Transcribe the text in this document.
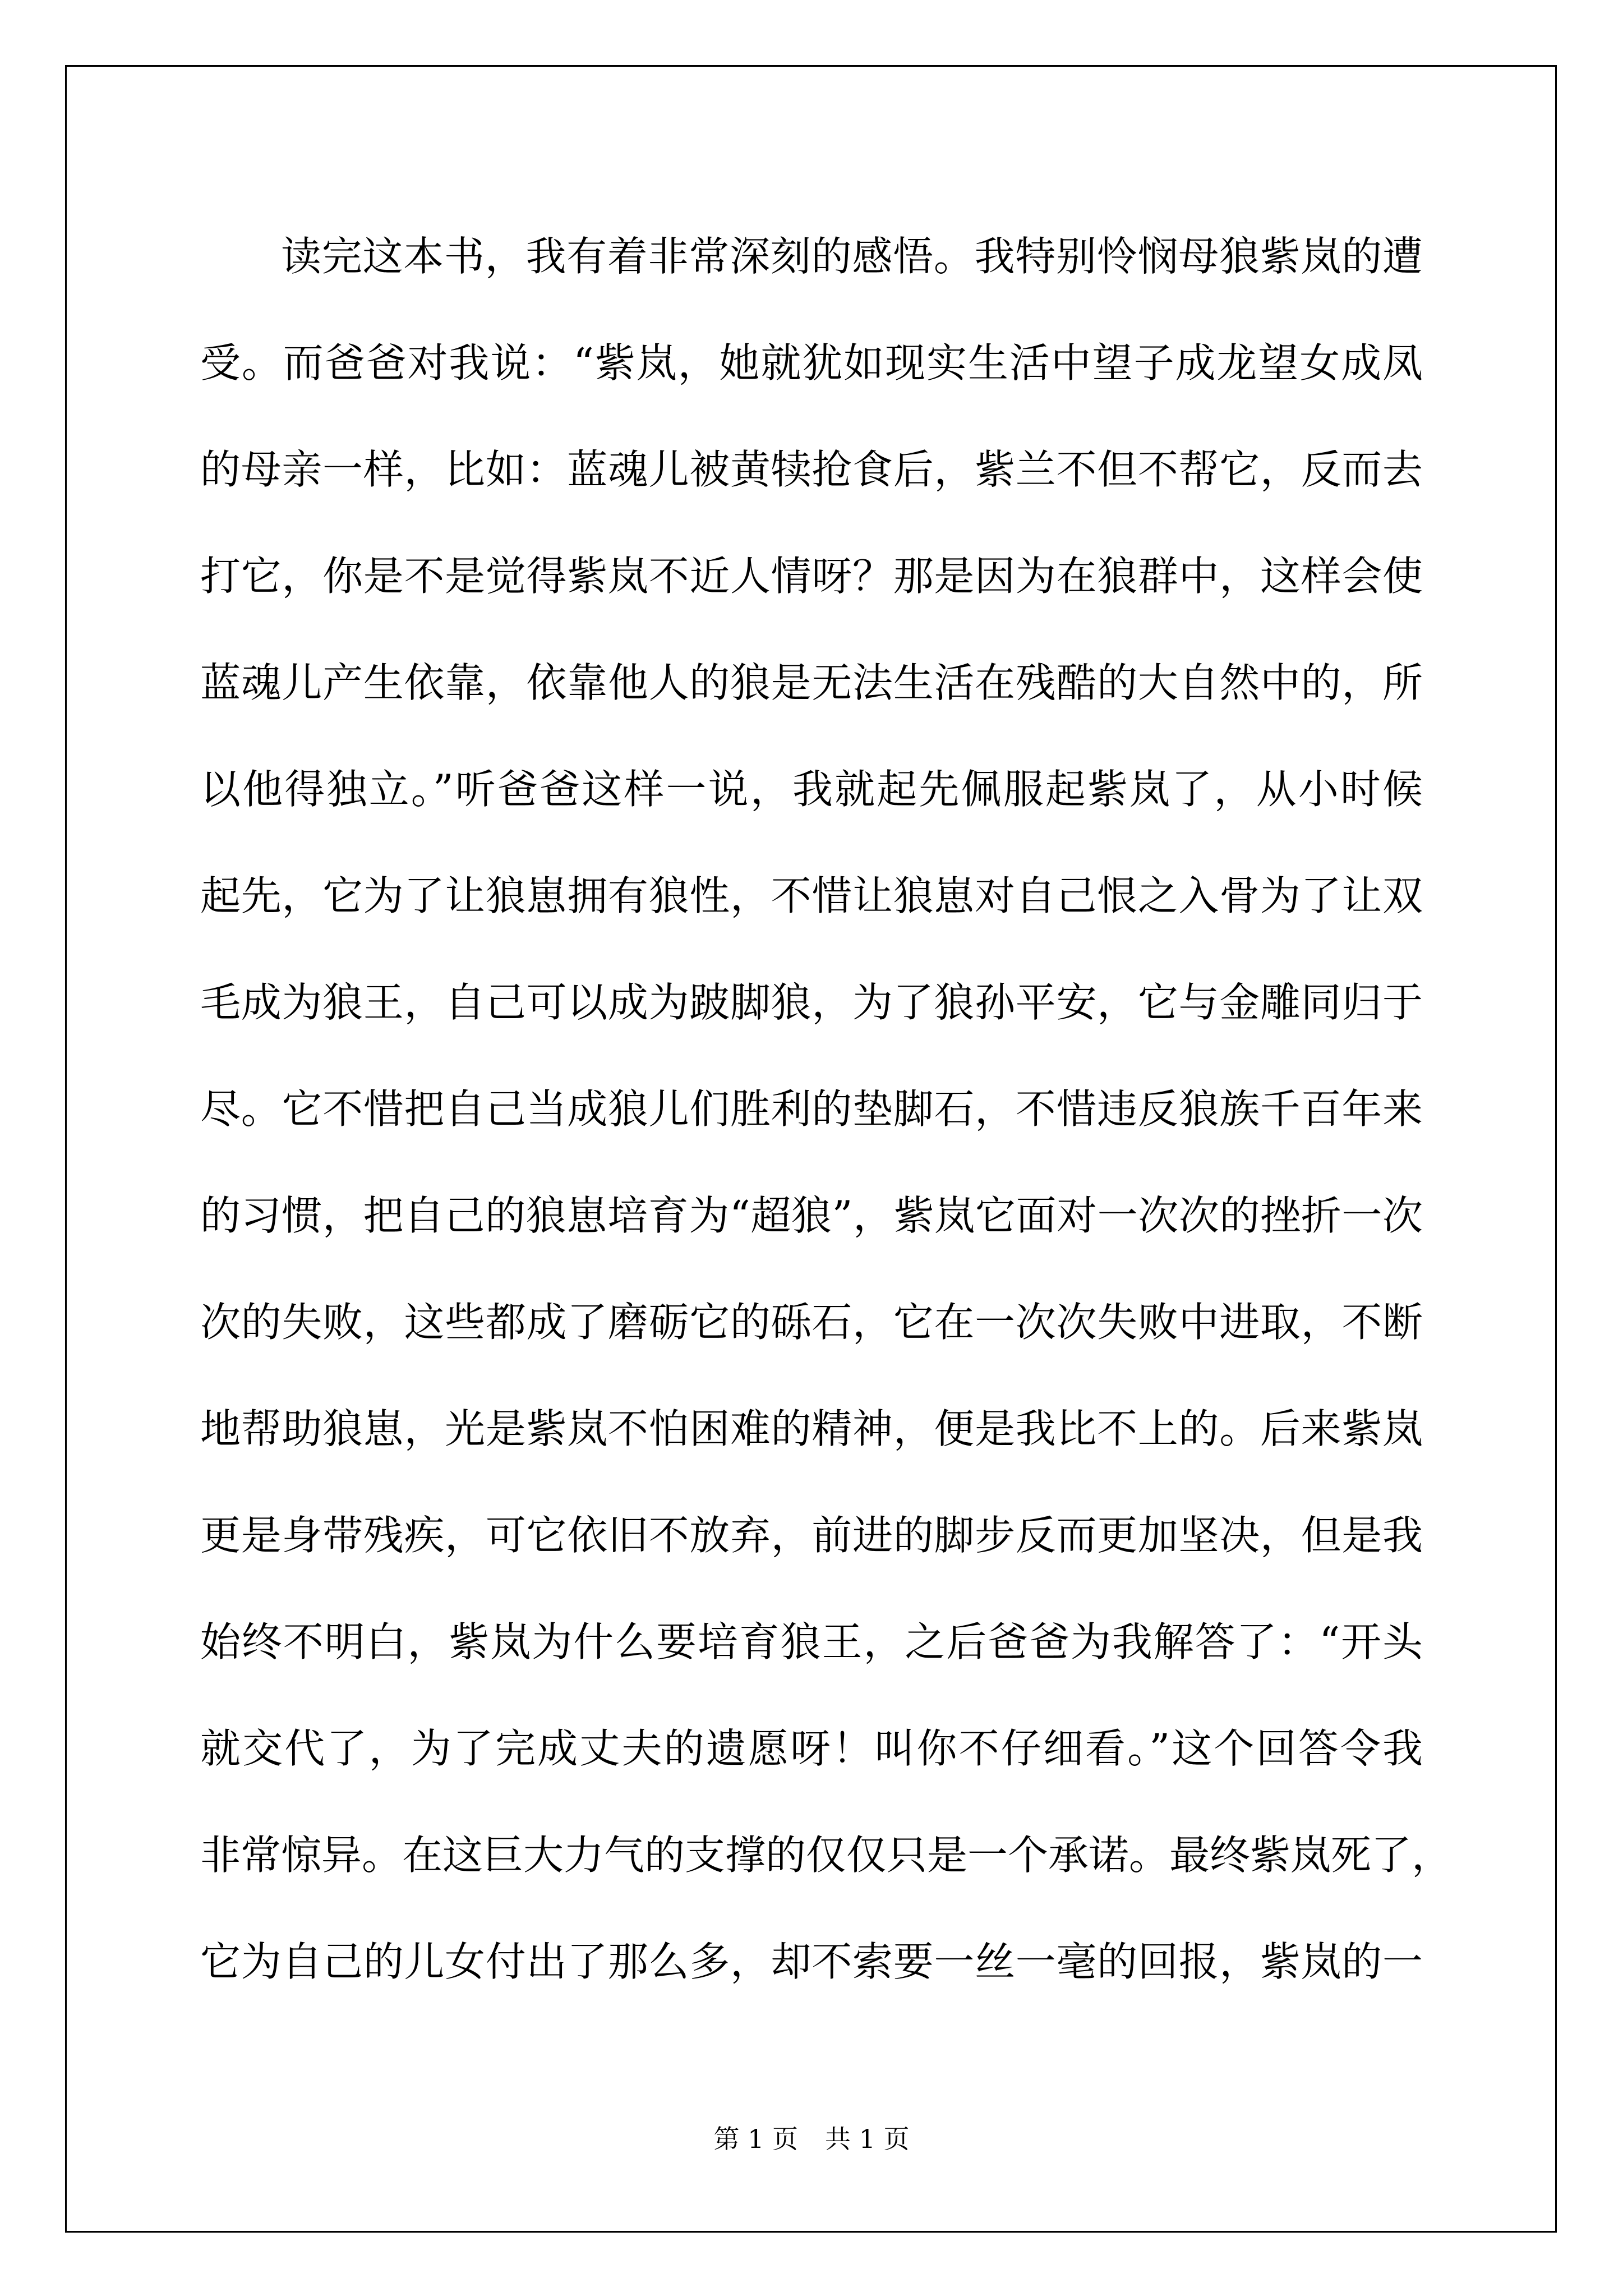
读完这本书，我有着非常深刻的感悟。我特别怜悯母狼紫岚的遭
受。而爸爸对我说：“紫岚，她就犹如现实生活中望子成龙望女成凤
的母亲一样，比如：蓝魂儿被黄犊抢食后，紫兰不但不帮它，反而去
打它，你是不是觉得紫岚不近人情呀？那是因为在狼群中，这样会使
蓝魂儿产生依靠，依靠他人的狼是无法生活在残酷的大自然中的，所
以他得独立。”听爸爸这样一说，我就起先佩服起紫岚了，从小时候
起先，它为了让狼崽拥有狼性，不惜让狼崽对自己恨之入骨为了让双
毛成为狼王，自己可以成为跛脚狼，为了狼孙平安，它与金雕同归于
尽。它不惜把自己当成狼儿们胜利的垫脚石，不惜违反狼族千百年来
的习惯，把自己的狼崽培育为“超狼”，紫岚它面对一次次的挫折一次
次的失败，这些都成了磨砺它的砾石，它在一次次失败中进取，不断
地帮助狼崽，光是紫岚不怕困难的精神，便是我比不上的。后来紫岚
更是身带残疾，可它依旧不放弃，前进的脚步反而更加坚决，但是我
始终不明白，紫岚为什么要培育狼王，之后爸爸为我解答了：“开头
就交代了，为了完成丈夫的遗愿呀！叫你不仔细看。”这个回答令我
非常惊异。在这巨大力气的支撑的仅仅只是一个承诺。最终紫岚死了，
它为自己的儿女付出了那么多，却不索要一丝一毫的回报，紫岚的一
第 1 页 共 1 页
